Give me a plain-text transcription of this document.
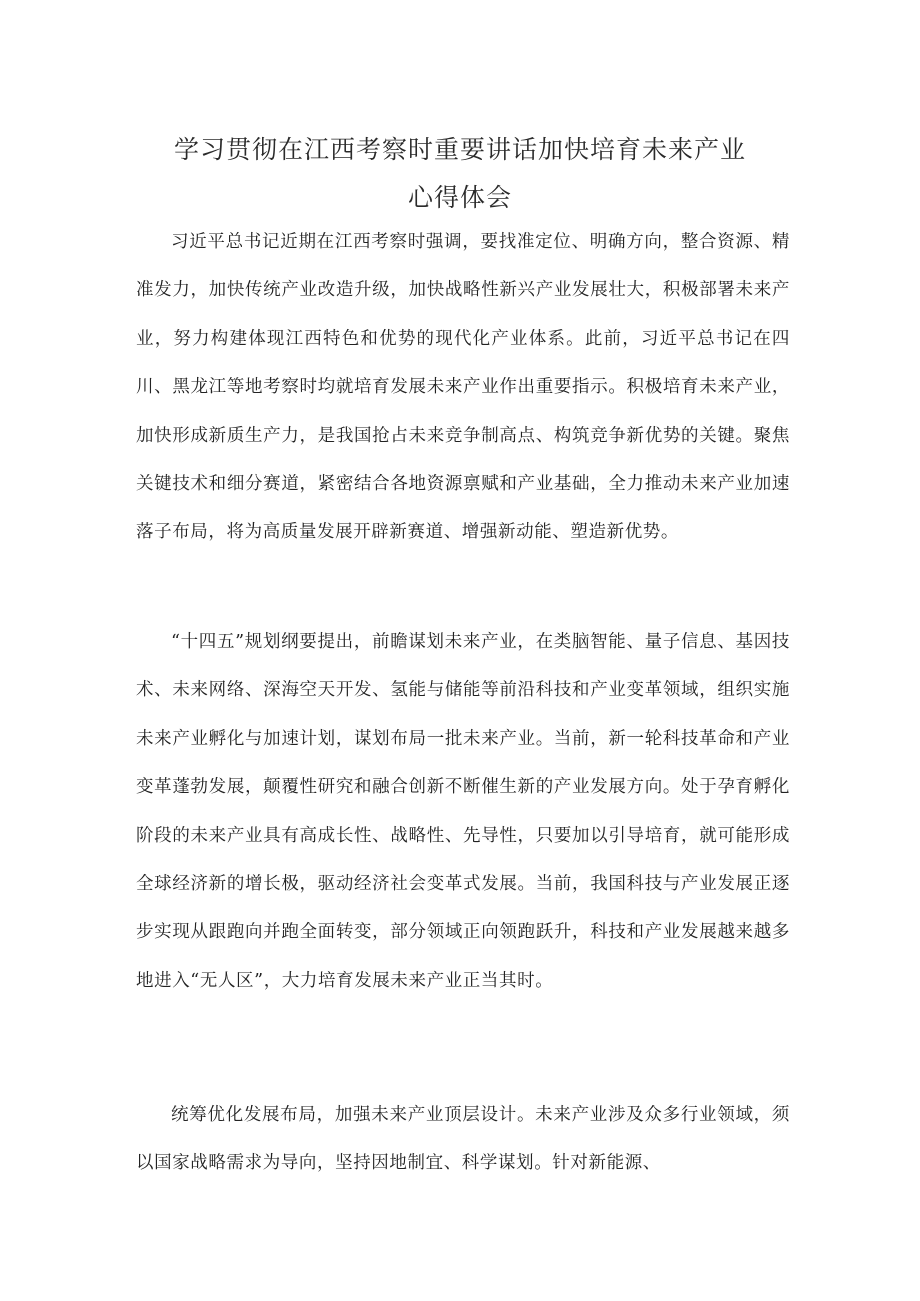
学习贯彻在江西考察时重要讲话加快培育未来产业
心得体会

习近平总书记近期在江西考察时强调，要找准定位、明确方向，整合资源、精准发力，加快传统产业改造升级，加快战略性新兴产业发展壮大，积极部署未来产业，努力构建体现江西特色和优势的现代化产业体系。此前，习近平总书记在四川、黑龙江等地考察时均就培育发展未来产业作出重要指示。积极培育未来产业，加快形成新质生产力，是我国抢占未来竞争制高点、构筑竞争新优势的关键。聚焦关键技术和细分赛道，紧密结合各地资源禀赋和产业基础，全力推动未来产业加速落子布局，将为高质量发展开辟新赛道、增强新动能、塑造新优势。

“十四五”规划纲要提出，前瞻谋划未来产业，在类脑智能、量子信息、基因技术、未来网络、深海空天开发、氢能与储能等前沿科技和产业变革领域，组织实施未来产业孵化与加速计划，谋划布局一批未来产业。当前，新一轮科技革命和产业变革蓬勃发展，颠覆性研究和融合创新不断催生新的产业发展方向。处于孕育孵化阶段的未来产业具有高成长性、战略性、先导性，只要加以引导培育，就可能形成全球经济新的增长极，驱动经济社会变革式发展。当前，我国科技与产业发展正逐步实现从跟跑向并跑全面转变，部分领域正向领跑跃升，科技和产业发展越来越多地进入“无人区”，大力培育发展未来产业正当其时。

统筹优化发展布局，加强未来产业顶层设计。未来产业涉及众多行业领域，须以国家战略需求为导向，坚持因地制宜、科学谋划。针对新能源、
